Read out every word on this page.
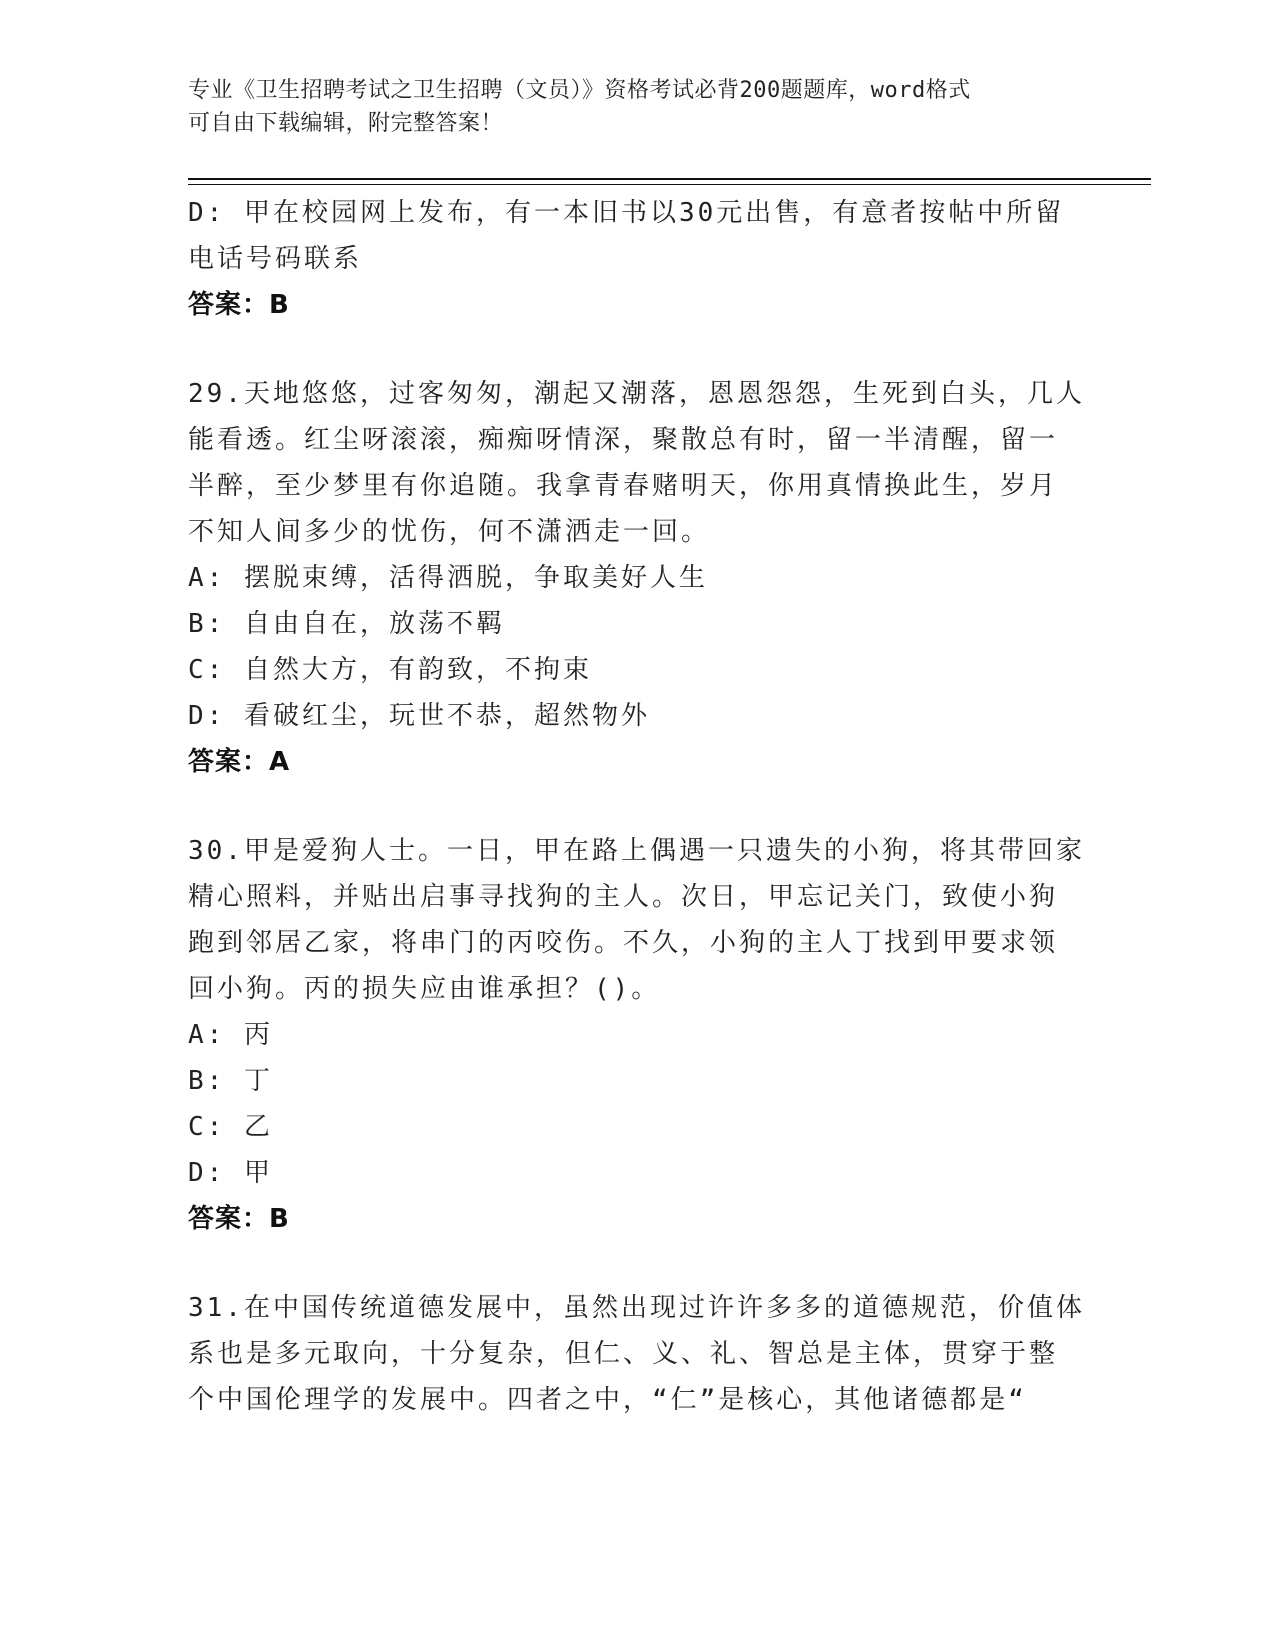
专业《卫生招聘考试之卫生招聘（文员）》资格考试必背200题题库，word格式
可自由下载编辑，附完整答案！
D: 甲在校园网上发布，有一本旧书以30元出售，有意者按帖中所留
电话号码联系
答案：B
29.天地悠悠，过客匆匆，潮起又潮落，恩恩怨怨，生死到白头，几人
能看透。红尘呀滚滚，痴痴呀情深，聚散总有时，留一半清醒，留一
半醉，至少梦里有你追随。我拿青春赌明天，你用真情换此生，岁月
不知人间多少的忧伤，何不潇洒走一回。
A: 摆脱束缚，活得洒脱，争取美好人生
B: 自由自在，放荡不羁
C: 自然大方，有韵致，不拘束
D: 看破红尘，玩世不恭，超然物外
答案：A
30.甲是爱狗人士。一日，甲在路上偶遇一只遗失的小狗，将其带回家
精心照料，并贴出启事寻找狗的主人。次日，甲忘记关门，致使小狗
跑到邻居乙家，将串门的丙咬伤。不久，小狗的主人丁找到甲要求领
回小狗。丙的损失应由谁承担？()。
A: 丙
B: 丁
C: 乙
D: 甲
答案：B
31.在中国传统道德发展中，虽然出现过许许多多的道德规范，价值体
系也是多元取向，十分复杂，但仁、义、礼、智总是主体，贯穿于整
个中国伦理学的发展中。四者之中，“仁”是核心，其他诸德都是“
